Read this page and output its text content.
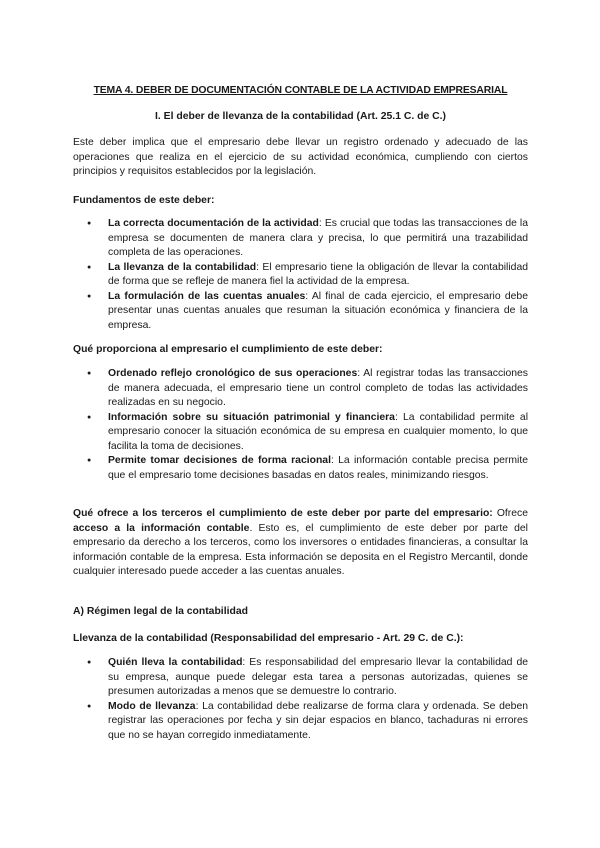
TEMA 4. DEBER DE DOCUMENTACIÓN CONTABLE DE LA ACTIVIDAD EMPRESARIAL
I. El deber de llevanza de la contabilidad (Art. 25.1 C. de C.)
Este deber implica que el empresario debe llevar un registro ordenado y adecuado de las operaciones que realiza en el ejercicio de su actividad económica, cumpliendo con ciertos principios y requisitos establecidos por la legislación.
Fundamentos de este deber:
● La correcta documentación de la actividad: Es crucial que todas las transacciones de la empresa se documenten de manera clara y precisa, lo que permitirá una trazabilidad completa de las operaciones.
● La llevanza de la contabilidad: El empresario tiene la obligación de llevar la contabilidad de forma que se refleje de manera fiel la actividad de la empresa.
● La formulación de las cuentas anuales: Al final de cada ejercicio, el empresario debe presentar unas cuentas anuales que resuman la situación económica y financiera de la empresa.
Qué proporciona al empresario el cumplimiento de este deber:
● Ordenado reflejo cronológico de sus operaciones: Al registrar todas las transacciones de manera adecuada, el empresario tiene un control completo de todas las actividades realizadas en su negocio.
● Información sobre su situación patrimonial y financiera: La contabilidad permite al empresario conocer la situación económica de su empresa en cualquier momento, lo que facilita la toma de decisiones.
● Permite tomar decisiones de forma racional: La información contable precisa permite que el empresario tome decisiones basadas en datos reales, minimizando riesgos.
Qué ofrece a los terceros el cumplimiento de este deber por parte del empresario: Ofrece acceso a la información contable. Esto es, el cumplimiento de este deber por parte del empresario da derecho a los terceros, como los inversores o entidades financieras, a consultar la información contable de la empresa. Esta información se deposita en el Registro Mercantil, donde cualquier interesado puede acceder a las cuentas anuales.
A) Régimen legal de la contabilidad
Llevanza de la contabilidad (Responsabilidad del empresario - Art. 29 C. de C.):
● Quién lleva la contabilidad: Es responsabilidad del empresario llevar la contabilidad de su empresa, aunque puede delegar esta tarea a personas autorizadas, quienes se presumen autorizadas a menos que se demuestre lo contrario.
● Modo de llevanza: La contabilidad debe realizarse de forma clara y ordenada. Se deben registrar las operaciones por fecha y sin dejar espacios en blanco, tachaduras ni errores que no se hayan corregido inmediatamente.
